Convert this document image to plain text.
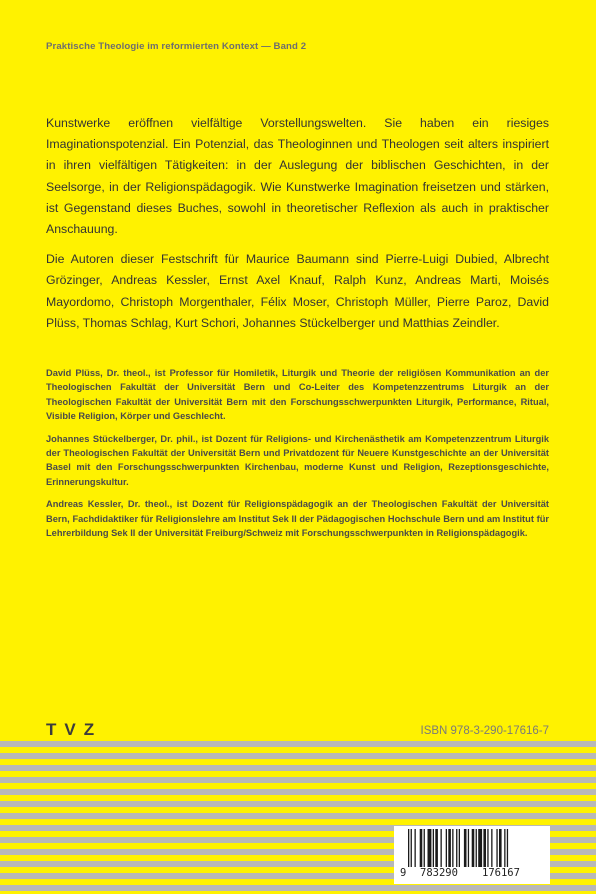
Praktische Theologie im reformierten Kontext — Band 2

Kunstwerke eröffnen vielfältige Vorstellungswelten. Sie haben ein riesiges Imaginationspotenzial. Ein Potenzial, das Theologinnen und Theologen seit alters inspiriert in ihren vielfältigen Tätigkeiten: in der Auslegung der biblischen Geschichten, in der Seelsorge, in der Religionspädagogik. Wie Kunstwerke Imagination freisetzen und stärken, ist Gegenstand dieses Buches, sowohl in theoretischer Reflexion als auch in praktischer Anschauung.

Die Autoren dieser Festschrift für Maurice Baumann sind Pierre-Luigi Dubied, Albrecht Grözinger, Andreas Kessler, Ernst Axel Knauf, Ralph Kunz, Andreas Marti, Moisés Mayordomo, Christoph Morgenthaler, Félix Moser, Christoph Müller, Pierre Paroz, David Plüss, Thomas Schlag, Kurt Schori, Johannes Stückelberger und Matthias Zeindler.

David Plüss, Dr. theol., ist Professor für Homiletik, Liturgik und Theorie der religiösen Kommunikation an der Theologischen Fakultät der Universität Bern und Co-Leiter des Kompetenzzentrums Liturgik an der Theologischen Fakultät der Universität Bern mit den Forschungsschwerpunkten Liturgik, Performance, Ritual, Visible Religion, Körper und Geschlecht.

Johannes Stückelberger, Dr. phil., ist Dozent für Religions- und Kirchenästhetik am Kompetenzzentrum Liturgik der Theologischen Fakultät der Universität Bern und Privatdozent für Neuere Kunstgeschichte an der Universität Basel mit den Forschungsschwerpunkten Kirchenbau, moderne Kunst und Religion, Rezeptionsgeschichte, Erinnerungskultur.

Andreas Kessler, Dr. theol., ist Dozent für Religionspädagogik an der Theologischen Fakultät der Universität Bern, Fachdidaktiker für Religionslehre am Institut Sek II der Pädagogischen Hochschule Bern und am Institut für Lehrerbildung Sek II der Universität Freiburg/Schweiz mit Forschungsschwerpunkten in Religionspädagogik.

TVZ	ISBN 978-3-290-17616-7
9 783290 176167
